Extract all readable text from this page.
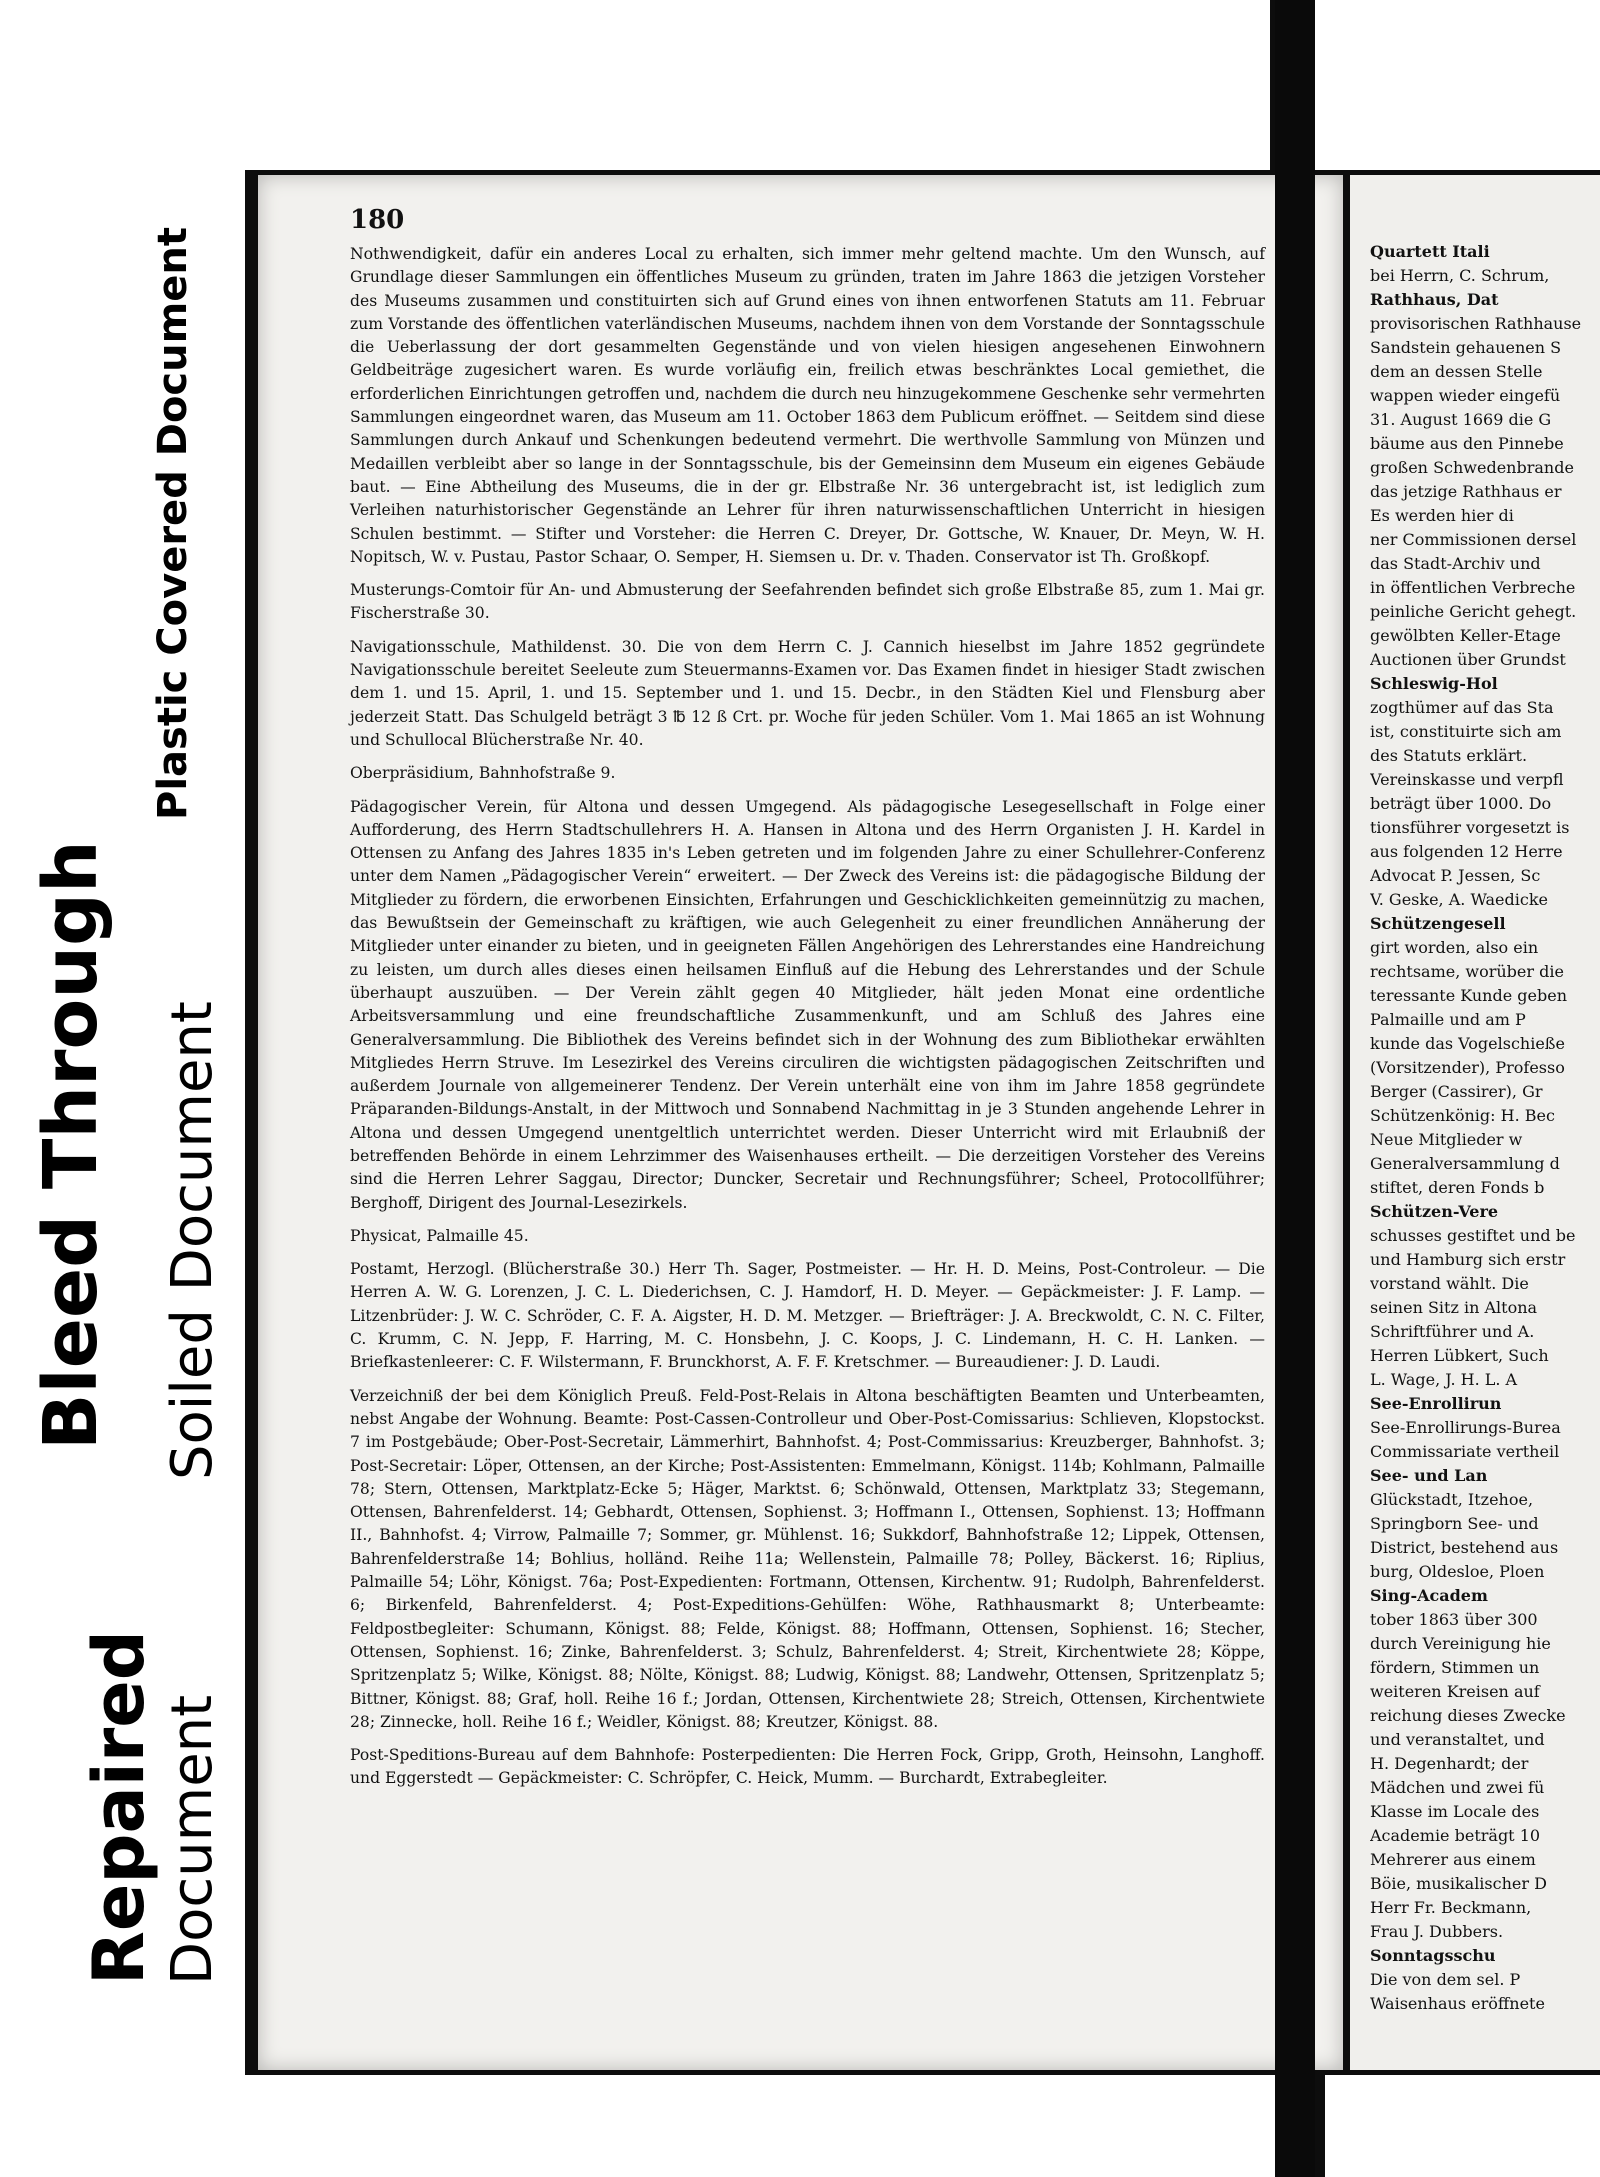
Bleed Through
Plastic Covered Document
Soiled Document
Repaired Document
180

Nothwendigkeit, dafür ein anderes Local zu erhalten, sich immer mehr geltend machte. Um den Wunsch, auf Grundlage dieser Sammlungen ein öffentliches Museum zu gründen, traten im Jahre 1863 die jetzigen Vorsteher des Museums zusammen und constituirten sich auf Grund eines von ihnen entworfenen Statuts am 11. Februar zum Vorstande des öffentlichen vaterländischen Museums, nachdem ihnen von dem Vorstande der Sonntagsschule die Ueberlassung der dort gesammelten Gegenstände und von vielen hiesigen angesehenen Einwohnern Geldbeiträge zugesichert waren. Es wurde vorläufig ein, freilich etwas beschränktes Local gemiethet, die erforderlichen Einrichtungen getroffen und, nachdem die durch neu hinzugekommene Geschenke sehr vermehrten Sammlungen eingeordnet waren, das Museum am 11. October 1863 dem Publicum eröffnet. — Seitdem sind diese Sammlungen durch Ankauf und Schenkungen bedeutend vermehrt. Die werthvolle Sammlung von Münzen und Medaillen verbleibt aber so lange in der Sonntagsschule, bis der Gemeinsinn dem Museum ein eigenes Gebäude baut. — Eine Abtheilung des Museums, die in der gr. Elbstraße Nr. 36 untergebracht ist, ist lediglich zum Verleihen naturhistorischer Gegenstände an Lehrer für ihren naturwissenschaftlichen Unterricht in hiesigen Schulen bestimmt. — Stifter und Vorsteher: die Herren C. Dreyer, Dr. Gottsche, W. Knauer, Dr. Meyn, W. H. Nopitsch, W. v. Pustau, Pastor Schaar, O. Semper, H. Siemsen u. Dr. v. Thaden. Conservator ist Th. Großkopf.

Musterungs-Comtoir für An- und Abmusterung der Seefahrenden befindet sich große Elbstraße 85, zum 1. Mai gr. Fischerstraße 30.

Navigationsschule, Mathildenst. 30. Die von dem Herrn C. J. Cannich hieselbst im Jahre 1852 gegründete Navigationsschule bereitet Seeleute zum Steuermanns-Examen vor. Das Examen findet in hiesiger Stadt zwischen dem 1. und 15. April, 1. und 15. September und 1. und 15. Decbr., in den Städten Kiel und Flensburg aber jederzeit Statt. Das Schulgeld beträgt 3 ℔ 12 ß Crt. pr. Woche für jeden Schüler. Vom 1. Mai 1865 an ist Wohnung und Schullocal Blücherstraße Nr. 40.

Oberpräsidium, Bahnhofstraße 9.

Pädagogischer Verein, für Altona und dessen Umgegend. Als pädagogische Lesegesellschaft in Folge einer Aufforderung, des Herrn Stadtschullehrers H. A. Hansen in Altona und des Herrn Organisten J. H. Kardel in Ottensen zu Anfang des Jahres 1835 in's Leben getreten und im folgenden Jahre zu einer Schullehrer-Conferenz unter dem Namen „Pädagogischer Verein“ erweitert. — Der Zweck des Vereins ist: die pädagogische Bildung der Mitglieder zu fördern, die erworbenen Einsichten, Erfahrungen und Geschicklichkeiten gemeinnützig zu machen, das Bewußtsein der Gemeinschaft zu kräftigen, wie auch Gelegenheit zu einer freundlichen Annäherung der Mitglieder unter einander zu bieten, und in geeigneten Fällen Angehörigen des Lehrerstandes eine Handreichung zu leisten, um durch alles dieses einen heilsamen Einfluß auf die Hebung des Lehrerstandes und der Schule überhaupt auszuüben. — Der Verein zählt gegen 40 Mitglieder, hält jeden Monat eine ordentliche Arbeitsversammlung und eine freundschaftliche Zusammenkunft, und am Schluß des Jahres eine Generalversammlung. Die Bibliothek des Vereins befindet sich in der Wohnung des zum Bibliothekar erwählten Mitgliedes Herrn Struve. Im Lesezirkel des Vereins circuliren die wichtigsten pädagogischen Zeitschriften und außerdem Journale von allgemeinerer Tendenz. Der Verein unterhält eine von ihm im Jahre 1858 gegründete Präparanden-Bildungs-Anstalt, in der Mittwoch und Sonnabend Nachmittag in je 3 Stunden angehende Lehrer in Altona und dessen Umgegend unentgeltlich unterrichtet werden. Dieser Unterricht wird mit Erlaubniß der betreffenden Behörde in einem Lehrzimmer des Waisenhauses ertheilt. — Die derzeitigen Vorsteher des Vereins sind die Herren Lehrer Saggau, Director; Duncker, Secretair und Rechnungsführer; Scheel, Protocollführer; Berghoff, Dirigent des Journal-Lesezirkels.

Physicat, Palmaille 45.

Postamt, Herzogl. (Blücherstraße 30.) Herr Th. Sager, Postmeister. — Hr. H. D. Meins, Post-Controleur. — Die Herren A. W. G. Lorenzen, J. C. L. Diederichsen, C. J. Hamdorf, H. D. Meyer. — Gepäckmeister: J. F. Lamp. — Litzenbrüder: J. W. C. Schröder, C. F. A. Aigster, H. D. M. Metzger. — Briefträger: J. A. Breckwoldt, C. N. C. Filter, C. Krumm, C. N. Jepp, F. Harring, M. C. Honsbehn, J. C. Koops, J. C. Lindemann, H. C. H. Lanken. — Briefkastenleerer: C. F. Wilstermann, F. Brunckhorst, A. F. F. Kretschmer. — Bureaudiener: J. D. Laudi.

Verzeichniß der bei dem Königlich Preuß. Feld-Post-Relais in Altona beschäftigten Beamten und Unterbeamten, nebst Angabe der Wohnung. Beamte: Post-Cassen-Controlleur und Ober-Post-Comissarius: Schlieven, Klopstockst. 7 im Postgebäude; Ober-Post-Secretair, Lämmerhirt, Bahnhofst. 4; Post-Commissarius: Kreuzberger, Bahnhofst. 3; Post-Secretair: Löper, Ottensen, an der Kirche; Post-Assistenten: Emmelmann, Königst. 114b; Kohlmann, Palmaille 78; Stern, Ottensen, Marktplatz-Ecke 5; Häger, Marktst. 6; Schönwald, Ottensen, Marktplatz 33; Stegemann, Ottensen, Bahrenfelderst. 14; Gebhardt, Ottensen, Sophienst. 3; Hoffmann I., Ottensen, Sophienst. 13; Hoffmann II., Bahnhofst. 4; Virrow, Palmaille 7; Sommer, gr. Mühlenst. 16; Sukkdorf, Bahnhofstraße 12; Lippek, Ottensen, Bahrenfelderstraße 14; Bohlius, holländ. Reihe 11a; Wellenstein, Palmaille 78; Polley, Bäckerst. 16; Riplius, Palmaille 54; Löhr, Königst. 76a; Post-Expedienten: Fortmann, Ottensen, Kirchentw. 91; Rudolph, Bahrenfelderst. 6; Birkenfeld, Bahrenfelderst. 4; Post-Expeditions-Gehülfen: Wöhe, Rathhausmarkt 8; Unterbeamte: Feldpostbegleiter: Schumann, Königst. 88; Felde, Königst. 88; Hoffmann, Ottensen, Sophienst. 16; Stecher, Ottensen, Sophienst. 16; Zinke, Bahrenfelderst. 3; Schulz, Bahrenfelderst. 4; Streit, Kirchentwiete 28; Köppe, Spritzenplatz 5; Wilke, Königst. 88; Nölte, Königst. 88; Ludwig, Königst. 88; Landwehr, Ottensen, Spritzenplatz 5; Bittner, Königst. 88; Graf, holl. Reihe 16 f.; Jordan, Ottensen, Kirchentwiete 28; Streich, Ottensen, Kirchentwiete 28; Zinnecke, holl. Reihe 16 f.; Weidler, Königst. 88; Kreutzer, Königst. 88.

Post-Speditions-Bureau auf dem Bahnhofe: Posterpedienten: Die Herren Fock, Gripp, Groth, Heinsohn, Langhoff. und Eggerstedt — Gepäckmeister: C. Schröpfer, C. Heick, Mumm. — Burchardt, Extrabegleiter.

Quartett Itali
bei Herrn, C. Schrum,
Rathhaus, Dat
provisorischen Rathhause
Sandstein gehauenen S
dem an dessen Stelle
wappen wieder eingefü
31. August 1669 die G
bäume aus den Pinnebe
großen Schwedenbrande
das jetzige Rathhaus er
Es werden hier di
ner Commissionen dersel
das Stadt-Archiv und
in öffentlichen Verbreche
peinliche Gericht gehegt.
gewölbten Keller-Etage
Auctionen über Grundst
Schleswig-Hol
zogthümer auf das Sta
ist, constituirte sich am
des Statuts erklärt.
Vereinskasse und verpfl
beträgt über 1000. Do
tionsführer vorgesetzt is
aus folgenden 12 Herre
Advocat P. Jessen, Sc
V. Geske, A. Waedicke
Schützengesell
girt worden, also ein
rechtsame, worüber die
teressante Kunde geben
Palmaille und am P
kunde das Vogelschieße
(Vorsitzender), Professo
Berger (Cassirer), Gr
Schützenkönig: H. Bec
Neue Mitglieder w
Generalversammlung d
stiftet, deren Fonds b
Schützen-Vere
schusses gestiftet und be
und Hamburg sich erstr
vorstand wählt. Die
seinen Sitz in Altona
Schriftführer und A.
Herren Lübkert, Such
L. Wage, J. H. L. A
See-Enrollirun
See-Enrollirungs-Burea
Commissariate vertheil
See- und Lan
Glückstadt, Itzehoe,
Springborn See- und
District, bestehend aus
burg, Oldesloe, Ploen
Sing-Academ
tober 1863 über 300
durch Vereinigung hie
fördern, Stimmen un
weiteren Kreisen auf
reichung dieses Zwecke
und veranstaltet, und
H. Degenhardt; der
Mädchen und zwei fü
Klasse im Locale des
Academie beträgt 10
Mehrerer aus einem
Böie, musikalischer D
Herr Fr. Beckmann,
Frau J. Dubbers.
Sonntagsschu
Die von dem sel. P
Waisenhaus eröffnete
